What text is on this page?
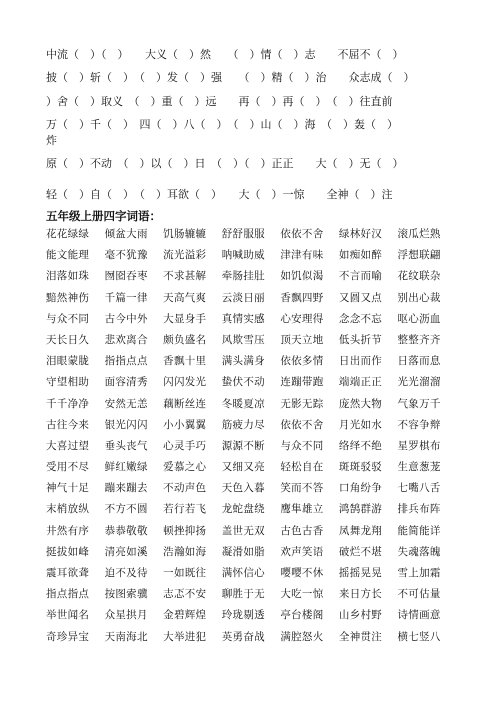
中流（　）（　）　　大义（　）然　　（　）情（　）志　　不屈不（　）
披（　）斩（　）　（　）发（　）强　　（　）精（　）治　　众志成（　）
）舍（　）取义　（　）重（　）远　　再（　）再（　）　（　）往直前
万（　）千（　）　四（　）八（　）　（　）山（　）海　（　）轰（　）
炸
原（　）不动　（　）以（　）日　（　）（　）正正　　大（　）无（　）
轻（　）自（　）　（　）耳欲（　）　　大（　）一惊　　全神（　）注
五年级上册四字词语：
花花绿绿	倾盆大雨	饥肠辘辘	舒舒服服	依依不舍	绿林好汉	滚瓜烂熟
能文能理	毫不犹豫	流光溢彩	呐喊助威	津津有味	如痴如醉	浮想联翩
泪落如珠	囫囵吞枣	不求甚解	牵肠挂肚	如饥似渴	不言而喻	花纹联杂
黯然神伤	千篇一律	天高气爽	云淡日丽	香飘四野	又圆又点	别出心裁
与众不同	古今中外	大显身手	真情实感	心安理得	念念不忘	呕心沥血
天长日久	悲欢离合	颇负盛名	风欺雪压	顶天立地	低头折节	整整齐齐
泪眼蒙胧	指指点点	香飘十里	满头满身	依依多情	日出而作	日落而息
守望相助	面容清秀	闪闪发光	蛰伏不动	连蹦带跑	端端正正	光光溜溜
千千净净	安然无恙	藕断丝连	冬暖夏凉	无影无踪	庞然大物	气象万千
古往今来	银光闪闪	小小翼翼	筋疲力尽	依依不舍	月光如水	不容争辩
大喜过望	垂头丧气	心灵手巧	源源不断	与众不同	络绎不绝	星罗棋布
受用不尽	鲜红嫩绿	爱慕之心	又细又亮	轻松自在	斑斑驳驳	生意葱茏
神气十足	蹦来蹦去	不动声色	天色入暮	笑而不答	口角纷争	七嘴八舌
末梢放纵	不方不圆	若行若飞	龙蛇盘绕	鹰隼雄立	鸿鹄群游	排兵布阵
井然有序	恭恭敬敬	顿挫抑扬	盖世无双	古色古香	凤舞龙翔	能简能详
挺拔如峰	清亮如溪	浩瀚如海	凝滑如脂	欢声笑语	破烂不堪	失魂落魄
震耳欲聋	迫不及待	一如既往	满怀信心	嘤嘤不休	摇摇晃晃	雪上加霜
指点指点	按图索骥	志忑不安	聊胜于无	大吃一惊	来日方长	不可估量
举世闻名	众星拱月	金碧辉煌	玲珑剔透	亭台楼阁	山乡村野	诗情画意
奇珍异宝	天南海北	大举进犯	英勇奋战	满腔怒火	全神贯注	横七竖八
